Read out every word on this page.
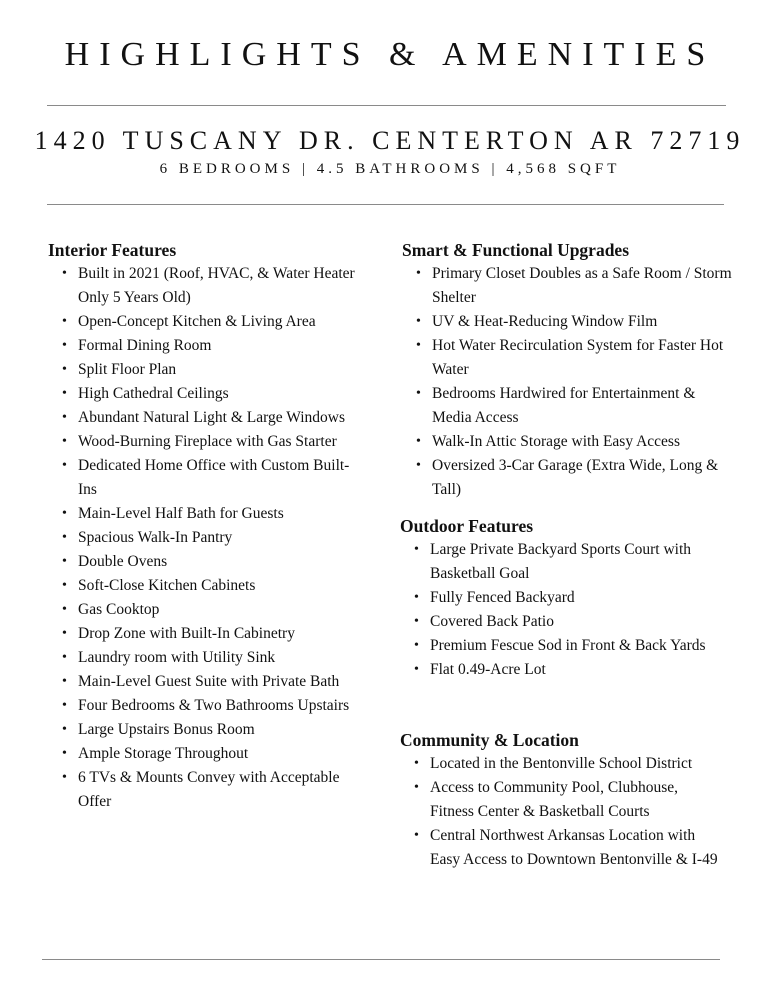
HIGHLIGHTS & AMENITIES
1420 TUSCANY DR. CENTERTON AR 72719
6 BEDROOMS | 4.5 BATHROOMS | 4,568 SQFT
Interior Features
• Built in 2021 (Roof, HVAC, & Water Heater Only 5 Years Old)
• Open-Concept Kitchen & Living Area
• Formal Dining Room
• Split Floor Plan
• High Cathedral Ceilings
• Abundant Natural Light & Large Windows
• Wood-Burning Fireplace with Gas Starter
• Dedicated Home Office with Custom Built-Ins
• Main-Level Half Bath for Guests
• Spacious Walk-In Pantry
• Double Ovens
• Soft-Close Kitchen Cabinets
• Gas Cooktop
• Drop Zone with Built-In Cabinetry
• Laundry room with Utility Sink
• Main-Level Guest Suite with Private Bath
• Four Bedrooms & Two Bathrooms Upstairs
• Large Upstairs Bonus Room
• Ample Storage Throughout
• 6 TVs & Mounts Convey with Acceptable Offer
Smart & Functional Upgrades
• Primary Closet Doubles as a Safe Room / Storm Shelter
• UV & Heat-Reducing Window Film
• Hot Water Recirculation System for Faster Hot Water
• Bedrooms Hardwired for Entertainment & Media Access
• Walk-In Attic Storage with Easy Access
• Oversized 3-Car Garage (Extra Wide, Long & Tall)
Outdoor Features
• Large Private Backyard Sports Court with Basketball Goal
• Fully Fenced Backyard
• Covered Back Patio
• Premium Fescue Sod in Front & Back Yards
• Flat 0.49-Acre Lot
Community & Location
• Located in the Bentonville School District
• Access to Community Pool, Clubhouse, Fitness Center & Basketball Courts
• Central Northwest Arkansas Location with Easy Access to Downtown Bentonville & I-49
